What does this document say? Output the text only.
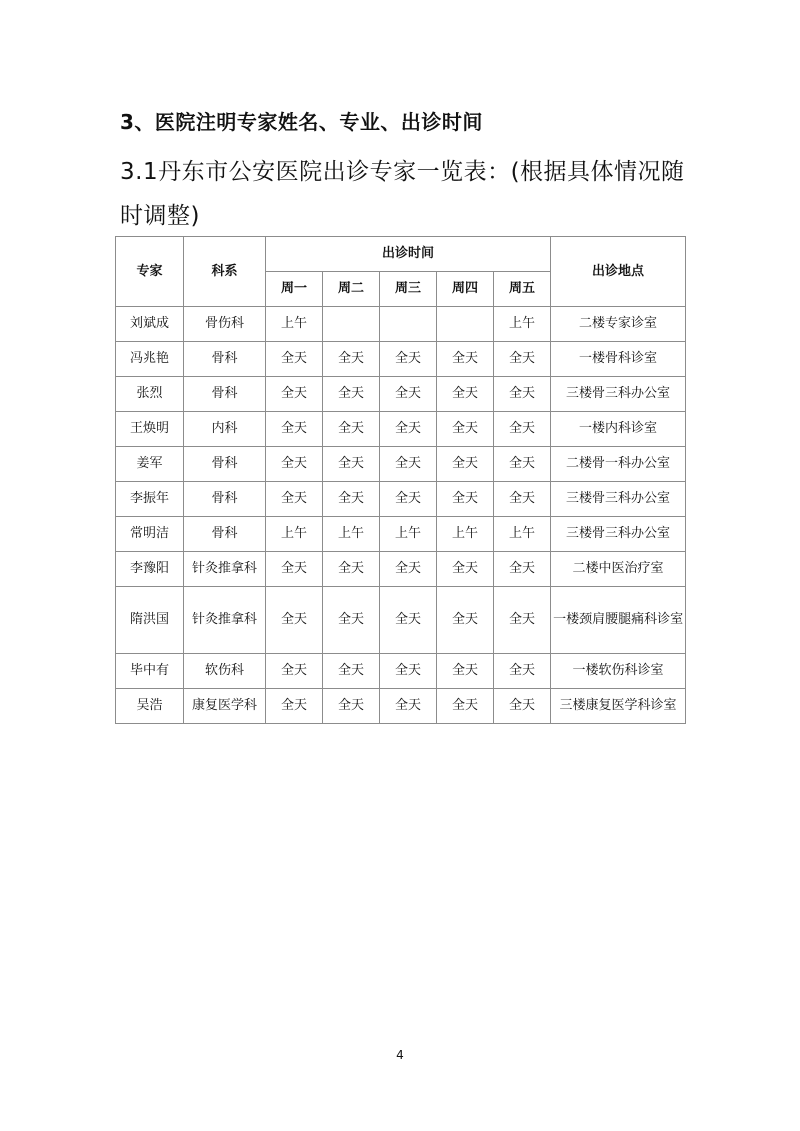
3、医院注明专家姓名、专业、出诊时间
3.1丹东市公安医院出诊专家一览表：(根据具体情况随时调整)
专家	科系	出诊时间					出诊地点
		周一	周二	周三	周四	周五	
刘斌成	骨伤科	上午				上午	二楼专家诊室
冯兆艳	骨科	全天	全天	全天	全天	全天	一楼骨科诊室
张烈	骨科	全天	全天	全天	全天	全天	三楼骨三科办公室
王焕明	内科	全天	全天	全天	全天	全天	一楼内科诊室
姜军	骨科	全天	全天	全天	全天	全天	二楼骨一科办公室
李振年	骨科	全天	全天	全天	全天	全天	三楼骨三科办公室
常明洁	骨科	上午	上午	上午	上午	上午	三楼骨三科办公室
李豫阳	针灸推拿科	全天	全天	全天	全天	全天	二楼中医治疗室
隋洪国	针灸推拿科	全天	全天	全天	全天	全天	一楼颈肩腰腿痛科诊室
毕中有	软伤科	全天	全天	全天	全天	全天	一楼软伤科诊室
吴浩	康复医学科	全天	全天	全天	全天	全天	三楼康复医学科诊室
4
